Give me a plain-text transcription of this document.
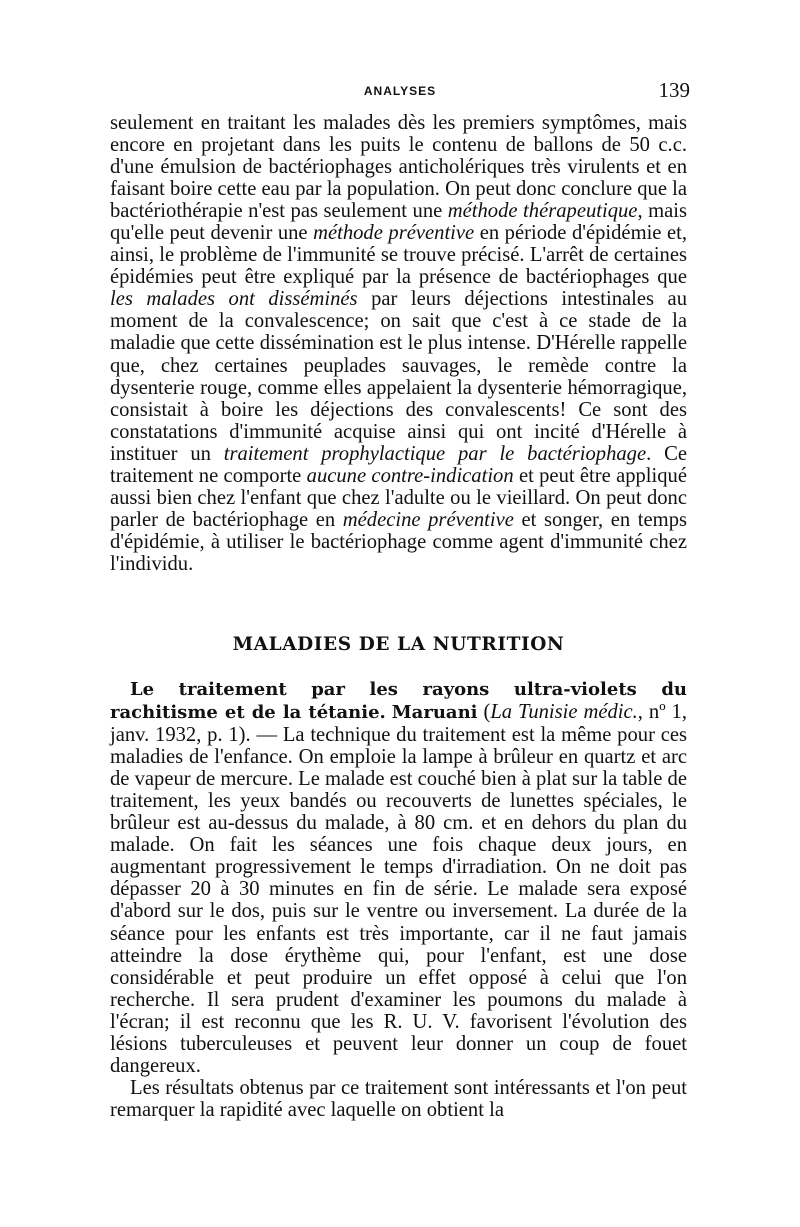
ANALYSES	139

seulement en traitant les malades dès les premiers symptômes, mais encore en projetant dans les puits le contenu de ballons de 50 c.c. d'une émulsion de bactériophages anticholériques très virulents et en faisant boire cette eau par la population. On peut donc conclure que la bactériothérapie n'est pas seulement une méthode thérapeutique, mais qu'elle peut devenir une méthode préventive en période d'épidémie et, ainsi, le problème de l'immunité se trouve précisé. L'arrêt de certaines épidémies peut être expliqué par la présence de bactériophages que les malades ont disséminés par leurs déjections intestinales au moment de la convalescence; on sait que c'est à ce stade de la maladie que cette dissémination est le plus intense. D'Hérelle rappelle que, chez certaines peuplades sauvages, le remède contre la dysenterie rouge, comme elles appelaient la dysenterie hémorragique, consistait à boire les déjections des convalescents! Ce sont des constatations d'immunité acquise ainsi qui ont incité d'Hérelle à instituer un traitement prophylactique par le bactériophage. Ce traitement ne comporte aucune contre-indication et peut être appliqué aussi bien chez l'enfant que chez l'adulte ou le vieillard. On peut donc parler de bactériophage en médecine préventive et songer, en temps d'épidémie, à utiliser le bactériophage comme agent d'immunité chez l'individu.

MALADIES DE LA NUTRITION

Le traitement par les rayons ultra-violets du rachitisme et de la tétanie. Maruani (La Tunisie médic., nº 1, janv. 1932, p. 1). — La technique du traitement est la même pour ces maladies de l'enfance. On emploie la lampe à brûleur en quartz et arc de vapeur de mercure. Le malade est couché bien à plat sur la table de traitement, les yeux bandés ou recouverts de lunettes spéciales, le brûleur est au-dessus du malade, à 80 cm. et en dehors du plan du malade. On fait les séances une fois chaque deux jours, en augmentant progressivement le temps d'irradiation. On ne doit pas dépasser 20 à 30 minutes en fin de série. Le malade sera exposé d'abord sur le dos, puis sur le ventre ou inversement. La durée de la séance pour les enfants est très importante, car il ne faut jamais atteindre la dose érythème qui, pour l'enfant, est une dose considérable et peut produire un effet opposé à celui que l'on recherche. Il sera prudent d'examiner les poumons du malade à l'écran; il est reconnu que les R. U. V. favorisent l'évolution des lésions tuberculeuses et peuvent leur donner un coup de fouet dangereux.

Les résultats obtenus par ce traitement sont intéressants et l'on peut remarquer la rapidité avec laquelle on obtient la
